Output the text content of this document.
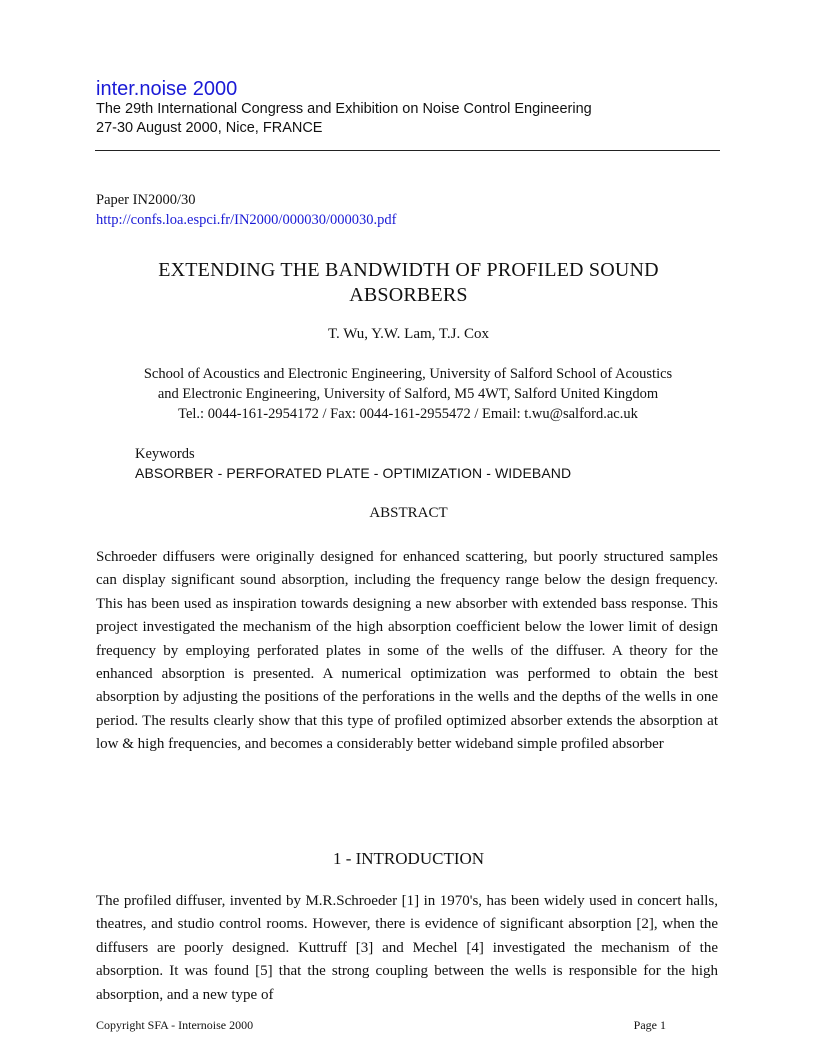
inter.noise 2000
The 29th International Congress and Exhibition on Noise Control Engineering
27-30 August 2000, Nice, FRANCE
Paper IN2000/30
http://confs.loa.espci.fr/IN2000/000030/000030.pdf
EXTENDING THE BANDWIDTH OF PROFILED SOUND
ABSORBERS
T. Wu, Y.W. Lam, T.J. Cox
School of Acoustics and Electronic Engineering, University of Salford School of Acoustics
and Electronic Engineering, University of Salford, M5 4WT, Salford United Kingdom
Tel.: 0044-161-2954172 / Fax: 0044-161-2955472 / Email: t.wu@salford.ac.uk
Keywords
ABSORBER - PERFORATED PLATE - OPTIMIZATION - WIDEBAND
ABSTRACT

Schroeder diffusers were originally designed for enhanced scattering, but poorly structured samples can display significant sound absorption, including the frequency range below the design frequency. This has been used as inspiration towards designing a new absorber with extended bass response. This project investigated the mechanism of the high absorption coefficient below the lower limit of design frequency by employing perforated plates in some of the wells of the diffuser. A theory for the enhanced absorption is presented. A numerical optimization was performed to obtain the best absorption by adjusting the positions of the perforations in the wells and the depths of the wells in one period. The results clearly show that this type of profiled optimized absorber extends the absorption at low & high frequencies, and becomes a considerably better wideband simple profiled absorber

1 - INTRODUCTION

The profiled diffuser, invented by M.R.Schroeder [1] in 1970's, has been widely used in concert halls, theatres, and studio control rooms. However, there is evidence of significant absorption [2], when the diffusers are poorly designed. Kuttruff [3] and Mechel [4] investigated the mechanism of the absorption. It was found [5] that the strong coupling between the wells is responsible for the high absorption, and a new type of

Copyright SFA - Internoise 2000	Page 1
